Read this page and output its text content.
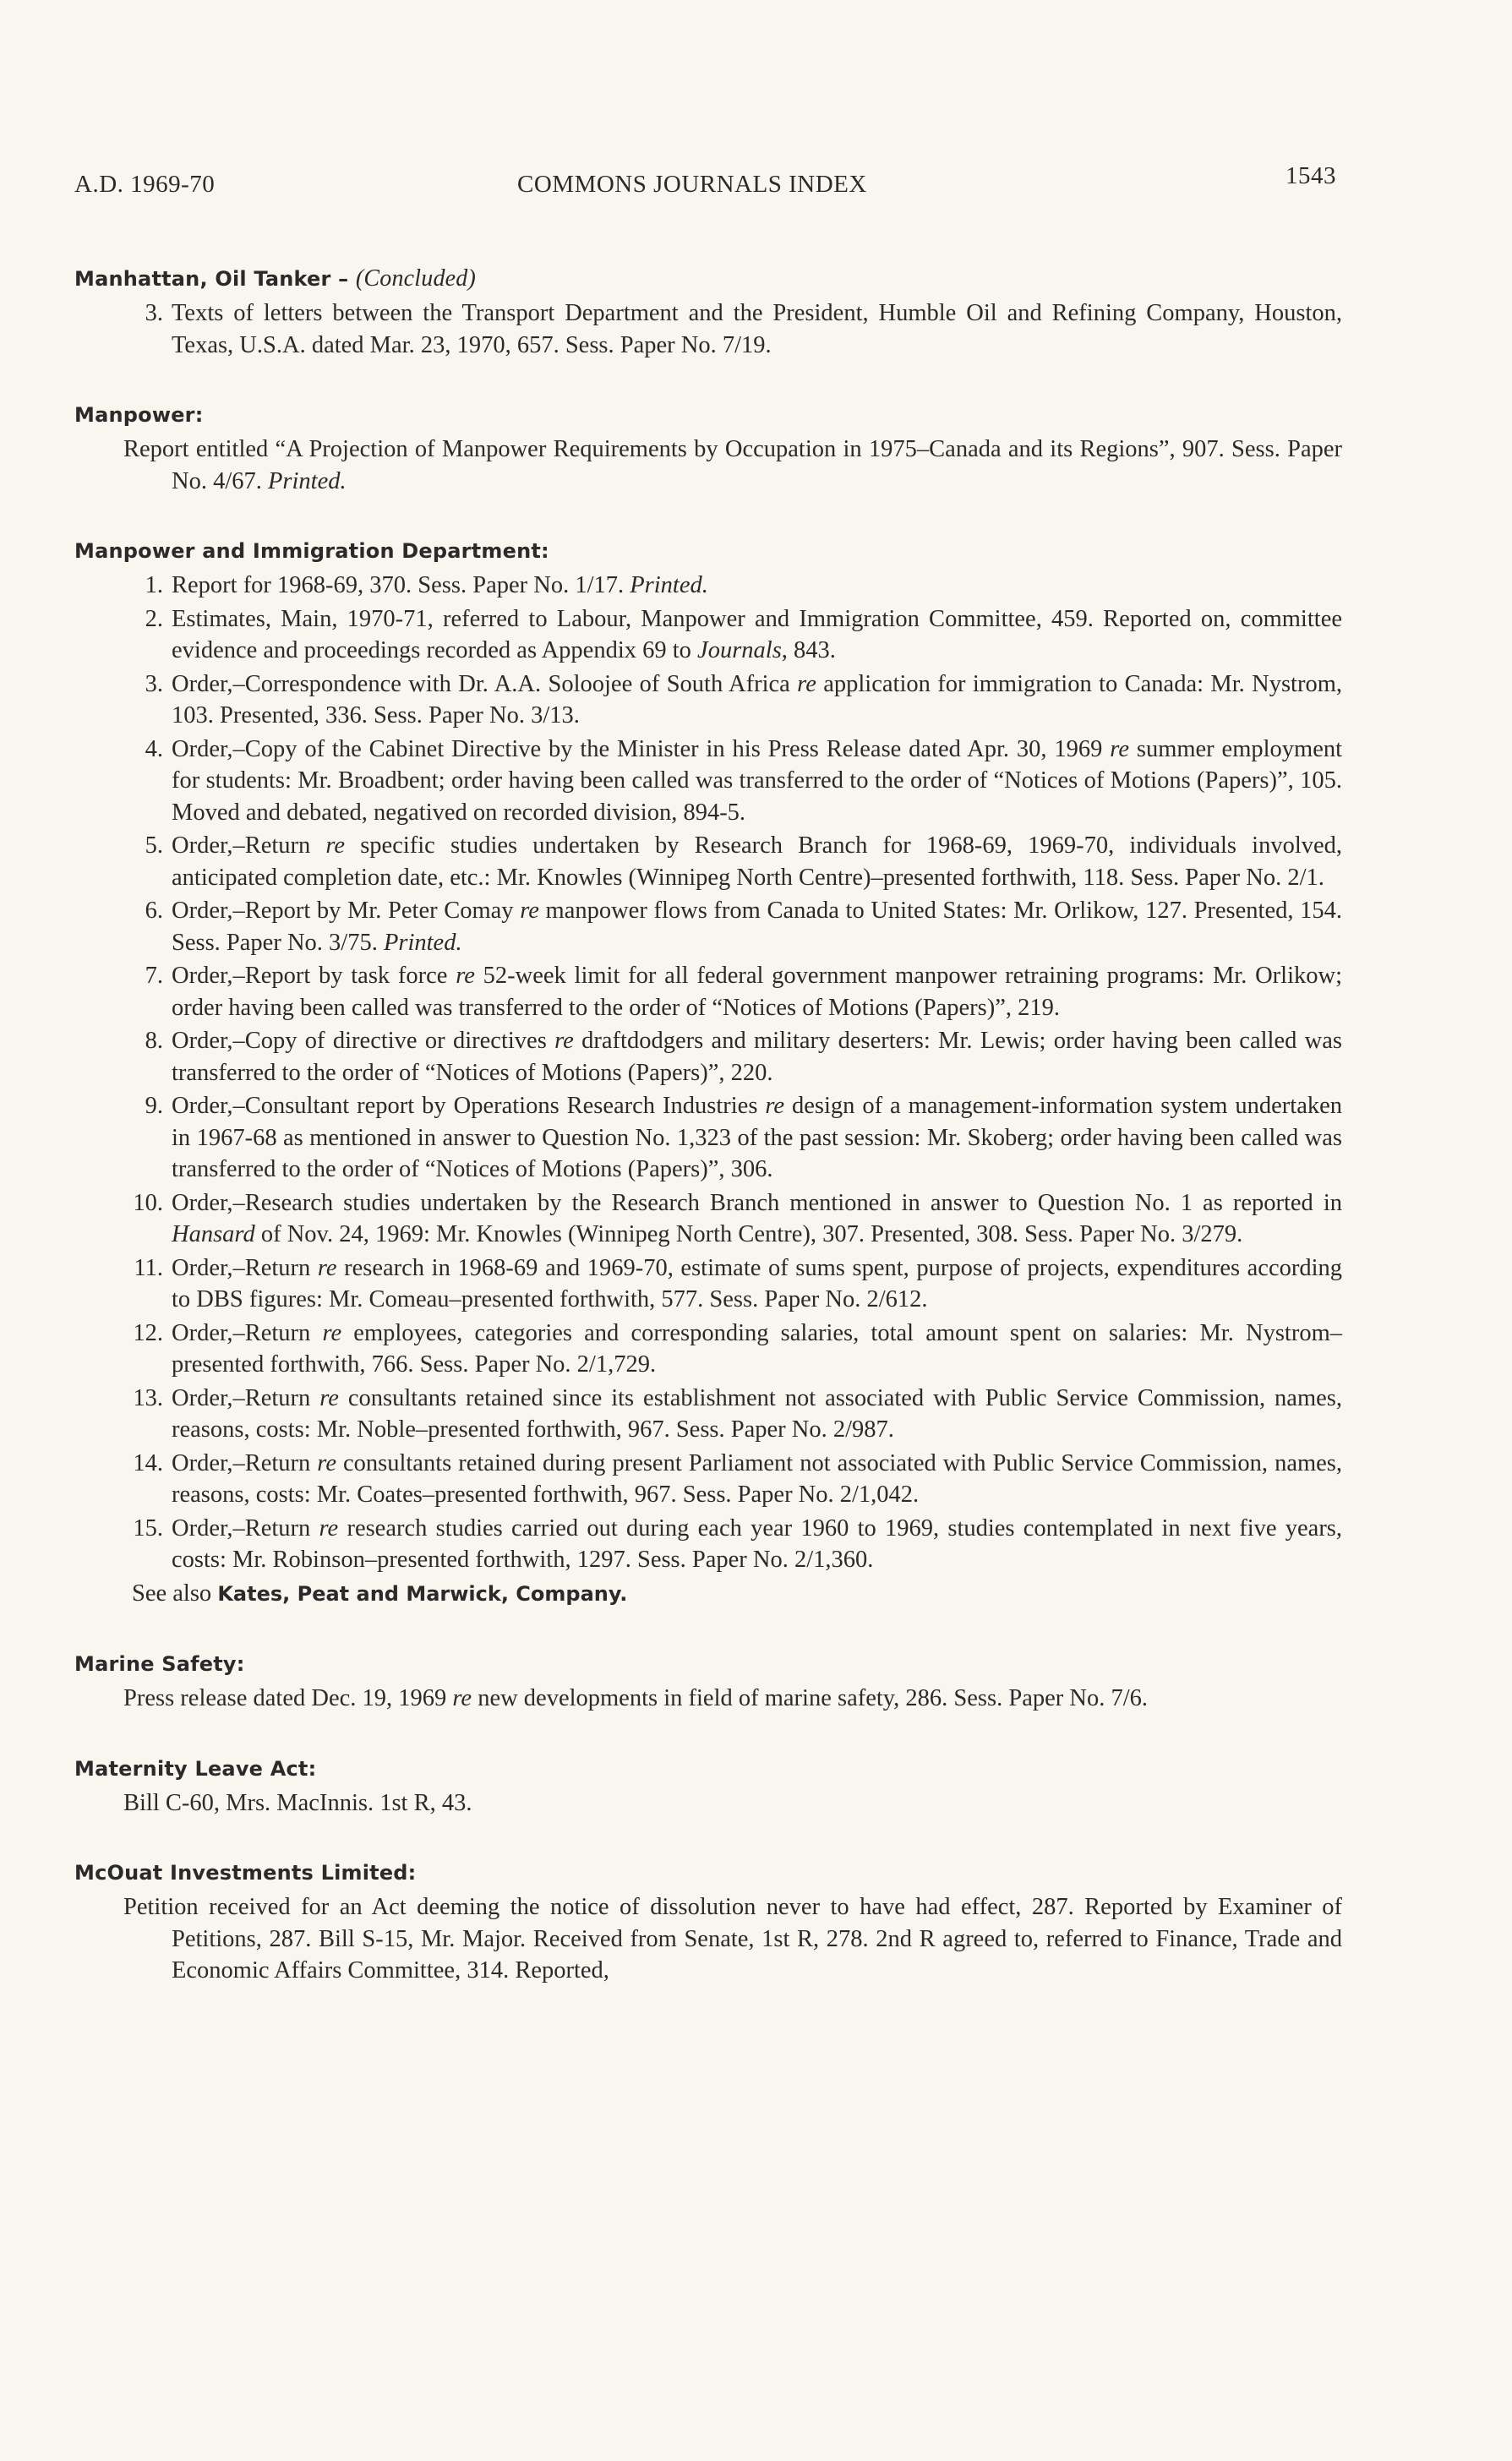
A.D. 1969-70	COMMONS JOURNALS INDEX	1543
Manhattan, Oil Tanker – (Concluded)
3. Texts of letters between the Transport Department and the President, Humble Oil and Refining Company, Houston, Texas, U.S.A. dated Mar. 23, 1970, 657. Sess. Paper No. 7/19.
Manpower:
Report entitled “A Projection of Manpower Requirements by Occupation in 1975–Canada and its Regions”, 907. Sess. Paper No. 4/67. Printed.
Manpower and Immigration Department:
1. Report for 1968-69, 370. Sess. Paper No. 1/17. Printed.
2. Estimates, Main, 1970-71, referred to Labour, Manpower and Immigration Committee, 459. Reported on, committee evidence and proceedings recorded as Appendix 69 to Journals, 843.
3. Order,–Correspondence with Dr. A.A. Soloojee of South Africa re application for immigration to Canada: Mr. Nystrom, 103. Presented, 336. Sess. Paper No. 3/13.
4. Order,–Copy of the Cabinet Directive by the Minister in his Press Release dated Apr. 30, 1969 re summer employment for students: Mr. Broadbent; order having been called was transferred to the order of “Notices of Motions (Papers)”, 105. Moved and debated, negatived on recorded division, 894-5.
5. Order,–Return re specific studies undertaken by Research Branch for 1968-69, 1969-70, individuals involved, anticipated completion date, etc.: Mr. Knowles (Winnipeg North Centre)–presented forthwith, 118. Sess. Paper No. 2/1.
6. Order,–Report by Mr. Peter Comay re manpower flows from Canada to United States: Mr. Orlikow, 127. Presented, 154. Sess. Paper No. 3/75. Printed.
7. Order,–Report by task force re 52-week limit for all federal government manpower retraining programs: Mr. Orlikow; order having been called was transferred to the order of “Notices of Motions (Papers)”, 219.
8. Order,–Copy of directive or directives re draftdodgers and military deserters: Mr. Lewis; order having been called was transferred to the order of “Notices of Motions (Papers)”, 220.
9. Order,–Consultant report by Operations Research Industries re design of a management-information system undertaken in 1967-68 as mentioned in answer to Question No. 1,323 of the past session: Mr. Skoberg; order having been called was transferred to the order of “Notices of Motions (Papers)”, 306.
10. Order,–Research studies undertaken by the Research Branch mentioned in answer to Question No. 1 as reported in Hansard of Nov. 24, 1969: Mr. Knowles (Winnipeg North Centre), 307. Presented, 308. Sess. Paper No. 3/279.
11. Order,–Return re research in 1968-69 and 1969-70, estimate of sums spent, purpose of projects, expenditures according to DBS figures: Mr. Comeau–presented forthwith, 577. Sess. Paper No. 2/612.
12. Order,–Return re employees, categories and corresponding salaries, total amount spent on salaries: Mr. Nystrom–presented forthwith, 766. Sess. Paper No. 2/1,729.
13. Order,–Return re consultants retained since its establishment not associated with Public Service Commission, names, reasons, costs: Mr. Noble–presented forthwith, 967. Sess. Paper No. 2/987.
14. Order,–Return re consultants retained during present Parliament not associated with Public Service Commission, names, reasons, costs: Mr. Coates–presented forthwith, 967. Sess. Paper No. 2/1,042.
15. Order,–Return re research studies carried out during each year 1960 to 1969, studies contemplated in next five years, costs: Mr. Robinson–presented forthwith, 1297. Sess. Paper No. 2/1,360.
See also Kates, Peat and Marwick, Company.
Marine Safety:
Press release dated Dec. 19, 1969 re new developments in field of marine safety, 286. Sess. Paper No. 7/6.
Maternity Leave Act:
Bill C-60, Mrs. MacInnis. 1st R, 43.
McOuat Investments Limited:
Petition received for an Act deeming the notice of dissolution never to have had effect, 287. Reported by Examiner of Petitions, 287. Bill S-15, Mr. Major. Received from Senate, 1st R, 278. 2nd R agreed to, referred to Finance, Trade and Economic Affairs Committee, 314. Reported,
